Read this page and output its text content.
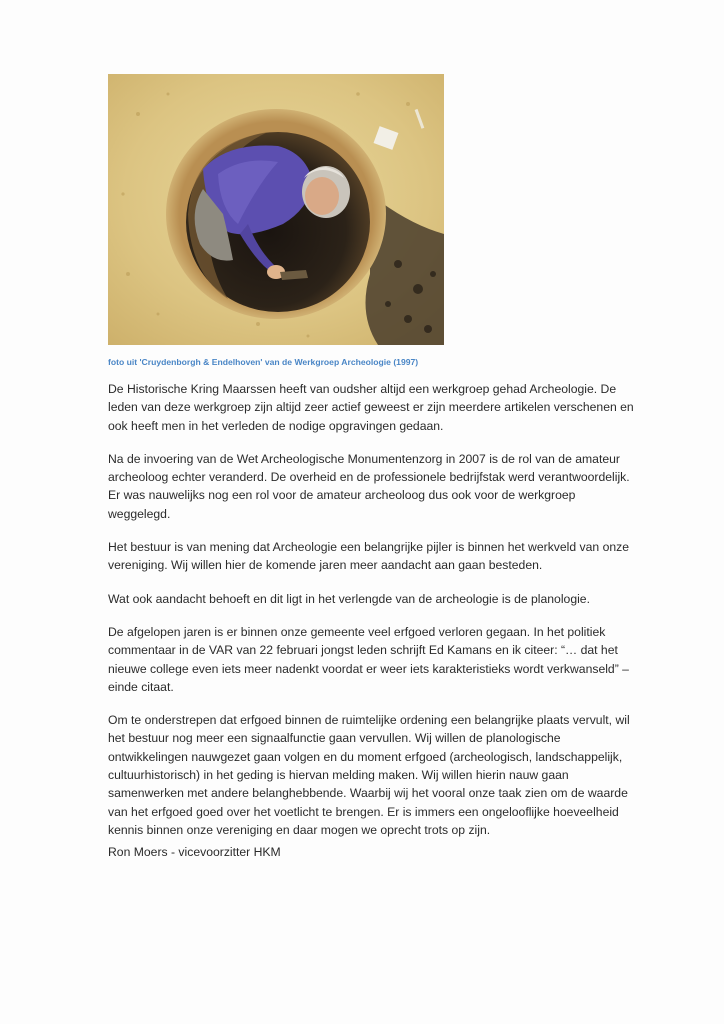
foto uit 'Cruydenborgh & Endelhoven' van de Werkgroep Archeologie (1997)

De Historische Kring Maarssen heeft van oudsher altijd een werkgroep gehad Archeologie. De leden van deze werkgroep zijn altijd zeer actief geweest er zijn meerdere artikelen verschenen en ook heeft men in het verleden de nodige opgravingen gedaan.

Na de invoering van de Wet Archeologische Monumentenzorg in 2007 is de rol van de amateur archeoloog echter veranderd. De overheid en de professionele bedrijfstak werd verantwoordelijk. Er was nauwelijks nog een rol voor de amateur archeoloog dus ook voor de werkgroep weggelegd.

Het bestuur is van mening dat Archeologie een belangrijke pijler is binnen het werkveld van onze vereniging. Wij willen hier de komende jaren meer aandacht aan gaan besteden.

Wat ook aandacht behoeft en dit ligt in het verlengde van de archeologie is de planologie.

De afgelopen jaren is er binnen onze gemeente veel erfgoed verloren gegaan. In het politiek commentaar in de VAR van 22 februari jongst leden schrijft Ed Kamans en ik citeer: “… dat het nieuwe college even iets meer nadenkt voordat er weer iets karakteristieks wordt verkwanseld” – einde citaat.

Om te onderstrepen dat erfgoed binnen de ruimtelijke ordening een belangrijke plaats vervult, wil het bestuur nog meer een signaalfunctie gaan vervullen. Wij willen de planologische ontwikkelingen nauwgezet gaan volgen en du moment erfgoed (archeologisch, landschappelijk, cultuurhistorisch) in het geding is hiervan melding maken. Wij willen hierin nauw gaan samenwerken met andere belanghebbende. Waarbij wij het vooral onze taak zien om de waarde van het erfgoed goed over het voetlicht te brengen. Er is immers een ongelooflijke hoeveelheid kennis binnen onze vereniging en daar mogen we oprecht trots op zijn.

Ron Moers - vicevoorzitter HKM
